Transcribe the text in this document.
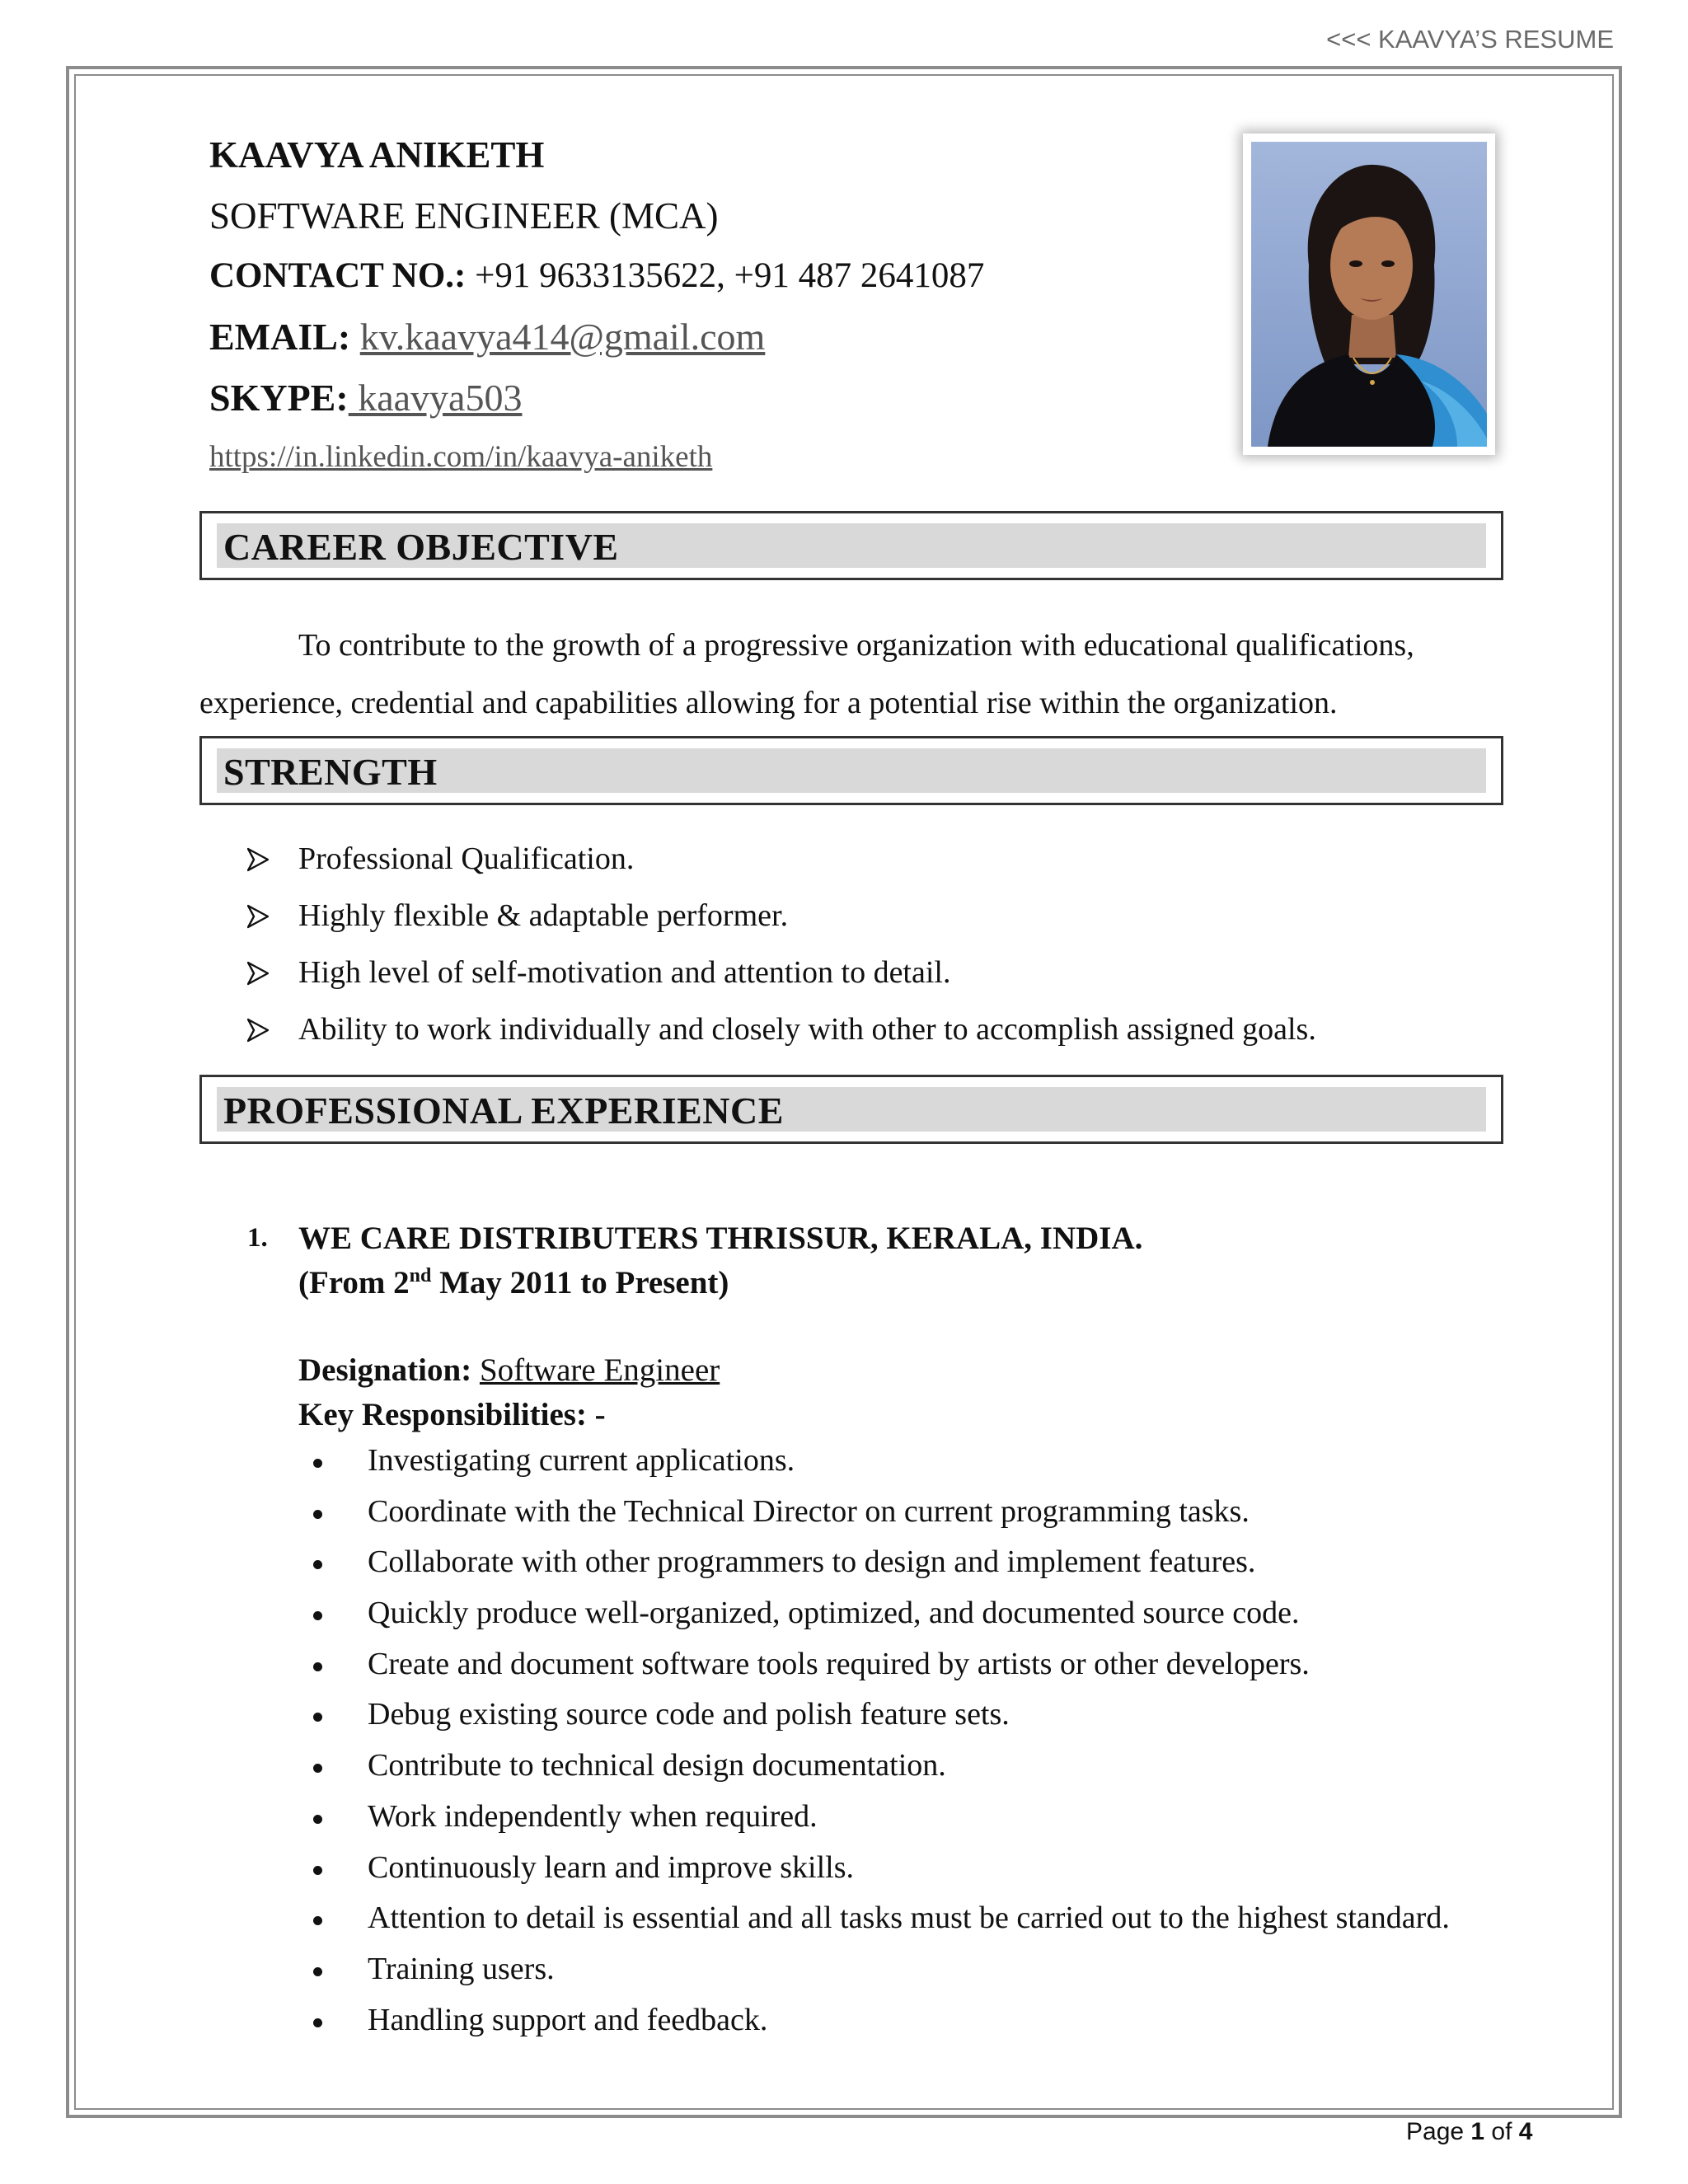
<<< KAAVYA’S RESUME
KAAVYA ANIKETH
SOFTWARE ENGINEER (MCA)
CONTACT NO.: +91 9633135622, +91 487 2641087
EMAIL: kv.kaavya414@gmail.com
SKYPE: kaavya503
https://in.linkedin.com/in/kaavya-aniketh
CAREER OBJECTIVE
To contribute to the growth of a progressive organization with educational qualifications, experience, credential and capabilities allowing for a potential rise within the organization.
STRENGTH
Professional Qualification.
Highly flexible & adaptable performer.
High level of self-motivation and attention to detail.
Ability to work individually and closely with other to accomplish assigned goals.
PROFESSIONAL EXPERIENCE
1. WE CARE DISTRIBUTERS THRISSUR, KERALA, INDIA.
(From 2nd May 2011 to Present)
Designation: Software Engineer
Key Responsibilities: -
Investigating current applications.
Coordinate with the Technical Director on current programming tasks.
Collaborate with other programmers to design and implement features.
Quickly produce well-organized, optimized, and documented source code.
Create and document software tools required by artists or other developers.
Debug existing source code and polish feature sets.
Contribute to technical design documentation.
Work independently when required.
Continuously learn and improve skills.
Attention to detail is essential and all tasks must be carried out to the highest standard.
Training users.
Handling support and feedback.
Page 1 of 4
